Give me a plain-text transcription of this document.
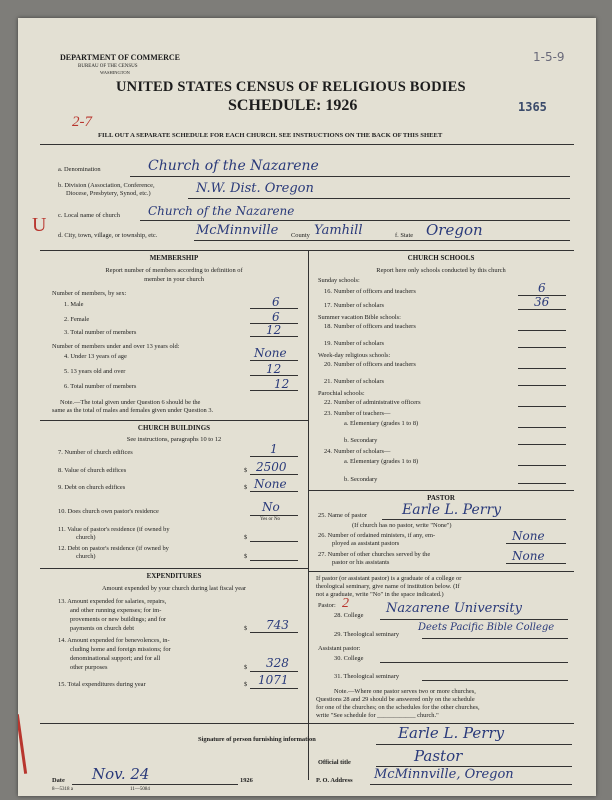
DEPARTMENT OF COMMERCE
BUREAU OF THE CENSUS
WASHINGTON
UNITED STATES CENSUS OF RELIGIOUS BODIES
SCHEDULE: 1926	1365
1-5-9
2-7
FILL OUT A SEPARATE SCHEDULE FOR EACH CHURCH. SEE INSTRUCTIONS ON THE BACK OF THIS SHEET
a. Denomination	Church of the Nazarene
b. Division (Association, Conference,
Diocese, Presbytery, Synod, etc.)	N.W. Dist. Oregon
c. Local name of church Church of the Nazarene
U d. City, town, village, or township, etc.	McMinnville County Yamhill	f. State Oregon
MEMBERSHIP
Report number of members according to definition of
member in your church
Number of members, by sex:
1. Male	6
2. Female	6
3. Total number of members	12
Number of members under and over 13 years old:
4. Under 13 years of age	None
5. 13 years old and over	12
6. Total number of members	12
Note.—The total given under Question 6 should be the
same as the total of males and females given under Question 3.
CHURCH BUILDINGS
See instructions, paragraphs 10 to 12
7. Number of church edifices	1
8. Value of church edifices	$ 2500
9. Debt on church edifices	$ None
10. Does church own pastor's residence	No
Yes or No
11. Value of pastor's residence (if owned by
church)	$
12. Debt on pastor's residence (if owned by
church)	$
EXPENDITURES
Amount expended by your church during last fiscal year
13. Amount expended for salaries, repairs,
and other running expenses; for im-
provements or new buildings; and for
payments on church debt	$ 743
14. Amount expended for benevolences, in-
cluding home and foreign missions; for
denominational support; and for all
other purposes	$ 328
15. Total expenditures during year	$ 1071
CHURCH SCHOOLS
Report here only schools conducted by this church
Sunday schools:
16. Number of officers and teachers	6
17. Number of scholars	36
Summer vacation Bible schools:
18. Number of officers and teachers
19. Number of scholars
Week-day religious schools:
20. Number of officers and teachers
21. Number of scholars
Parochial schools:
22. Number of administrative officers
23. Number of teachers—
a. Elementary (grades 1 to 8)
b. Secondary
24. Number of scholars—
a. Elementary (grades 1 to 8)
b. Secondary
PASTOR
25. Name of pastor	Earle L. Perry
(If church has no pastor, write "None")
26. Number of ordained ministers, if any, em-
ployed as assistant pastors
None
27. Number of other churches served by the
pastor or his assistants	None
If pastor (or assistant pastor) is a graduate of a college or
theological seminary, give name of institution below. (If
not a graduate, write "No" in the space indicated.)
Pastor: 2
28. College Nazarene University
29. Theological seminary
Deets Pacific Bible College
Assistant pastor:
30. College
31. Theological seminary
Note.—Where one pastor serves two or more churches,
Questions 28 and 29 should be answered only on the schedule
for one of the churches; on the schedules for the other churches,
write "See schedule for ____________ church."
Signature of person furnishing information	Earle L. Perry
Official title	Pastor
Date Nov. 24	1926	P. O. Address McMinnville, Oregon
8—5318 a	11—5084
